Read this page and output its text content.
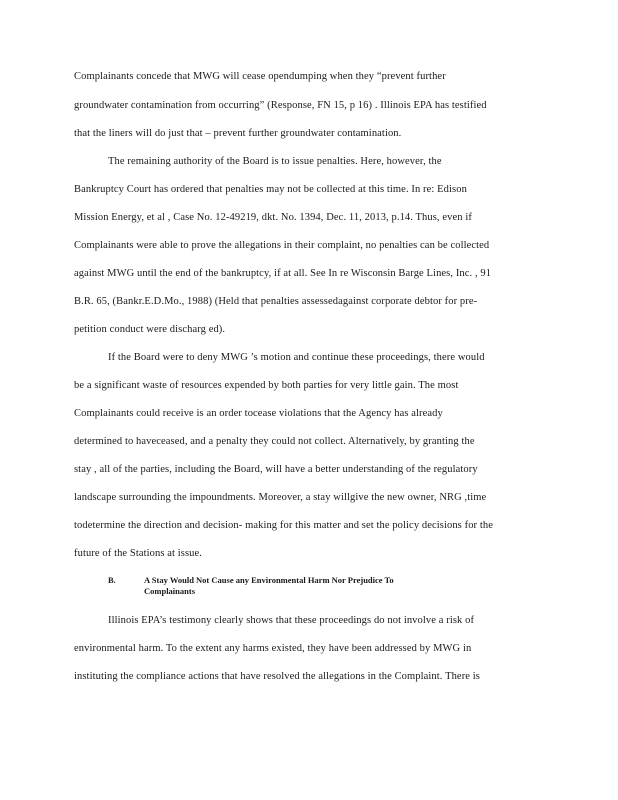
Complainants concede that MWG will cease opendumping when they “prevent further
groundwater contamination from occurring” (Response, FN 15, p 16) . Illinois EPA has testified
that the liners will do just that – prevent further groundwater contamination.
The remaining authority of the Board is to issue penalties. Here, however, the
Bankruptcy Court has ordered that penalties may not be collected at this time. In re: Edison
Mission Energy, et al , Case No. 12-49219, dkt. No. 1394, Dec. 11, 2013, p.14. Thus, even if
Complainants were able to prove the allegations in their complaint, no penalties can be collected
against MWG until the end of the bankruptcy, if at all. See In re Wisconsin Barge Lines, Inc. , 91
B.R. 65, (Bankr.E.D.Mo., 1988) (Held that penalties assessedagainst corporate debtor for pre-
petition conduct were discharg ed).
If the Board were to deny MWG ’s motion and continue these proceedings, there would
be a significant waste of resources expended by both parties for very little gain. The most
Complainants could receive is an order tocease violations that the Agency has already
determined to haveceased, and a penalty they could not collect. Alternatively, by granting the
stay , all of the parties, including the Board, will have a better understanding of the regulatory
landscape surrounding the impoundments. Moreover, a stay willgive the new owner, NRG ,time
todetermine the direction and decision- making for this matter and set the policy decisions for the
future of the Stations at issue.
B.	A Stay Would Not Cause any Environmental Harm Nor Prejudice To
Complainants
Illinois EPA’s testimony clearly shows that these proceedings do not involve a risk of
environmental harm. To the extent any harms existed, they have been addressed by MWG in
instituting the compliance actions that have resolved the allegations in the Complaint. There is
